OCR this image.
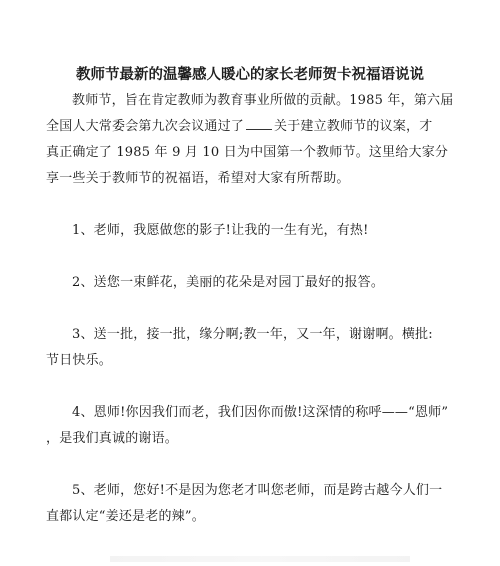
教师节最新的温馨感人暖心的家长老师贺卡祝福语说说

教师节，旨在肯定教师为教育事业所做的贡献。1985 年，第六届

全国人大常委会第九次会议通过了 关于建立教师节的议案，才

真正确定了 1985 年 9 月 10 日为中国第一个教师节。这里给大家分

享一些关于教师节的祝福语，希望对大家有所帮助。

1、老师，我愿做您的影子!让我的一生有光，有热!

2、送您一束鲜花，美丽的花朵是对园丁最好的报答。

3、送一批，接一批，缘分啊;教一年，又一年，谢谢啊。横批:

节日快乐。

4、恩师!你因我们而老，我们因你而傲!这深情的称呼——“恩师”

，是我们真诚的谢语。

5、老师，您好!不是因为您老才叫您老师，而是跨古越今人们一

直都认定“姜还是老的辣”。
